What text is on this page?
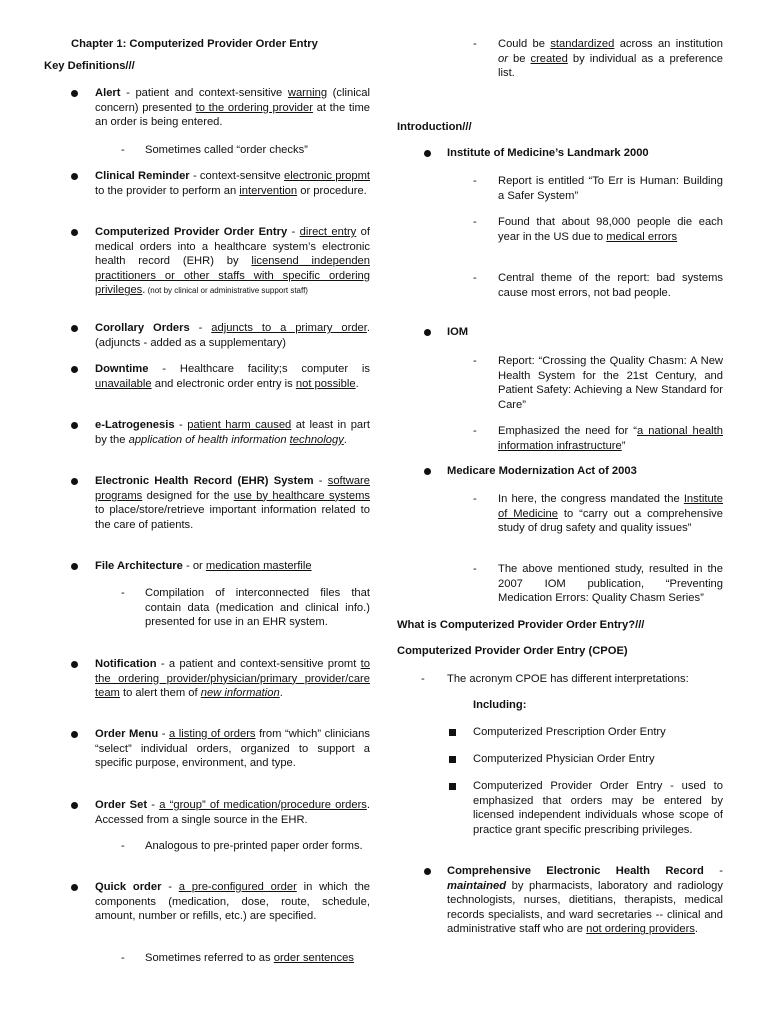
Chapter 1: Computerized Provider Order Entry
Key Definitions///
Alert - patient and context-sensitive warning (clinical concern) presented to the ordering provider at the time an order is being entered.
- Sometimes called “order checks”
Clinical Reminder - context-sensitve electronic propmt to the provider to perform an intervention or procedure.
Computerized Provider Order Entry - direct entry of medical orders into a healthcare system’s electronic health record (EHR) by licensend independen practitioners or other staffs with specific ordering privileges. (not by clinical or administrative support staff)
Corollary Orders - adjuncts to a primary order. (adjuncts - added as a supplementary)
Downtime - Healthcare facility;s computer is unavailable and electronic order entry is not possible.
e-Latrogenesis - patient harm caused at least in part by the application of health information technology.
Electronic Health Record (EHR) System - software programs designed for the use by healthcare systems to place/store/retrieve important information related to the care of patients.
File Architecture - or medication masterfile
- Compilation of interconnected files that contain data (medication and clinical info.) presented for use in an EHR system.
Notification - a patient and context-sensitive promt to the ordering provider/physician/primary provider/care team to alert them of new information.
Order Menu - a listing of orders from “which” clinicians “select” individual orders, organized to support a specific purpose, environment, and type.
Order Set - a “group” of medication/procedure orders. Accessed from a single source in the EHR.
- Analogous to pre-printed paper order forms.
Quick order - a pre-configured order in which the components (medication, dose, route, schedule, amount, number or refills, etc.) are specified.
- Sometimes referred to as order sentences
- Could be standardized across an institution or be created by individual as a preference list.
Introduction///
Institute of Medicine’s Landmark 2000
- Report is entitled “To Err is Human: Building a Safer System”
- Found that about 98,000 people die each year in the US due to medical errors
- Central theme of the report: bad systems cause most errors, not bad people.
IOM
- Report: “Crossing the Quality Chasm: A New Health System for the 21st Century, and Patient Safety: Achieving a New Standard for Care”
- Emphasized the need for “a national health information infrastructure”
Medicare Modernization Act of 2003
- In here, the congress mandated the Institute of Medicine to “carry out a comprehensive study of drug safety and quality issues”
- The above mentioned study, resulted in the 2007 IOM publication, “Preventing Medication Errors: Quality Chasm Series”
What is Computerized Provider Order Entry?///
Computerized Provider Order Entry (CPOE)
- The acronym CPOE has different interpretations:
Including:
Computerized Prescription Order Entry
Computerized Physician Order Entry
Computerized Provider Order Entry - used to emphasized that orders may be entered by licensed independent individuals whose scope of practice grant specific prescribing privileges.
Comprehensive Electronic Health Record - maintained by pharmacists, laboratory and radiology technologists, nurses, dietitians, therapists, medical records specialists, and ward secretaries -- clinical and administrative staff who are not ordering providers.
